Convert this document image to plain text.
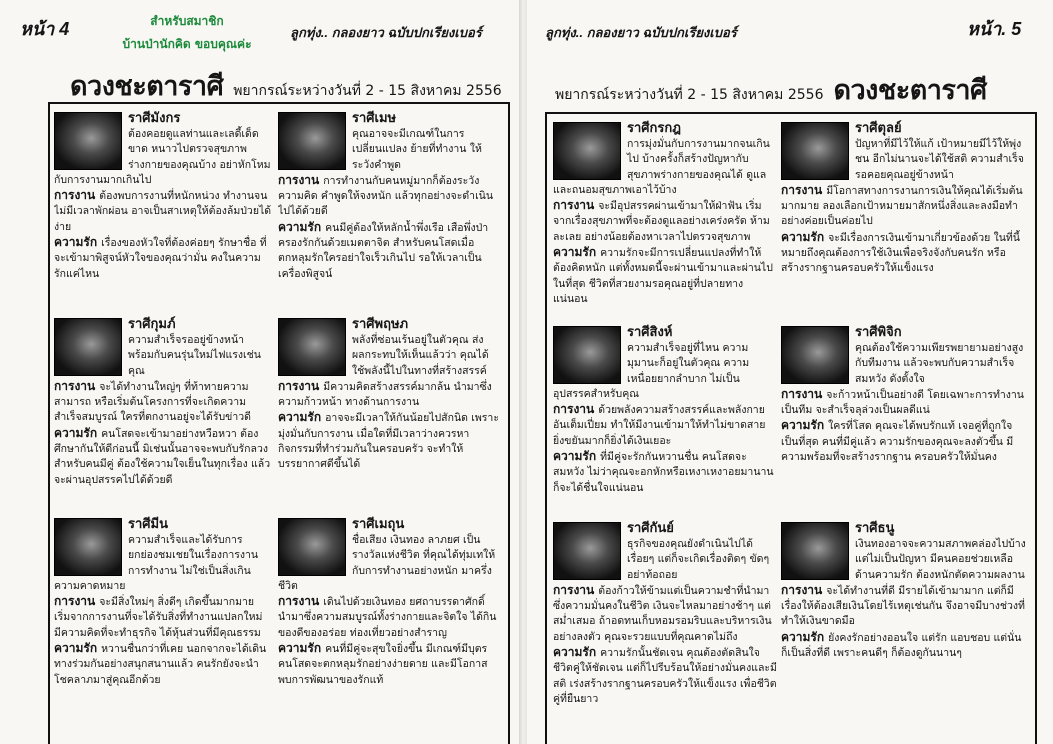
หน้า 4	สำหรับสมาชิก
บ้านป่านักคิด ขอบคุณค่ะ
ลูกทุ่ง.. กลองยาว ฉบับปกเรียงเบอร์
ดวงชะตาราศี พยากรณ์ระหว่างวันที่ 2 - 15 สิงหาคม 2556
ราศีมังกร

ต้องคอยดูแลท่านและเลดี้เด็ดขาด หนาวไปตรวจสุขภาพร่างกายของคุณบ้าง อย่าหักโหมกับการงานมากเกินไป

การงาน ต้องพบการงานที่หนักหน่วง ทำงานจนไม่มีเวลาพักผ่อน อาจเป็นสาเหตุให้ต้องล้มป่วยได้ง่าย

ความรัก เรื่องของหัวใจที่ต้องค่อยๆ รักษาชื่อ ที่จะเข้ามาพิสูจน์หัวใจของคุณว่ามั่น คงในความรักแค่ไหน

ราศีเมษ

คุณอาจจะมีเกณฑ์ในการเปลี่ยนแปลง ย้ายที่ทำงาน ให้ระวังคำพูด

การงาน การทำงานกับคนหมู่มากก็ต้องระวังความคิด คำพูดให้จงหนัก แล้วทุกอย่างจะดำเนินไปได้ด้วยดี

ความรัก คนมีคู่ต้องให้หลักน้ำพึ่งเรือ เสือพึ่งป่า ครองรักกันด้วยเมตตาจิต สำหรับคนโสดเมื่อตกหลุมรักใครอย่าใจเร็วเกินไป รอให้เวลาเป็นเครื่องพิสูจน์

ราศีกุมภ์

ความสำเร็จรออยู่ข้างหน้า พร้อมกับคนรุ่นใหม่ไฟแรงเช่นคุณ

การงาน จะได้ทำงานใหญ่ๆ ที่ท้าทายความสามารถ หรือเริ่มต้นโครงการที่จะเกิดความสำเร็จสมบูรณ์ ใครที่ตกงานอยู่จะได้รับข่าวดี

ความรัก คนโสดจะเข้ามาอย่างหวือหวา ต้องศึกษากันให้ดีก่อนนี้ มิเช่นนั้นอาจจะพบกับรักลวง สำหรับคนมีคู่ ต้องใช้ความใจเย็นในทุกเรื่อง แล้วจะผ่านอุปสรรคไปได้ด้วยดี

ราศีพฤษภ

พลังที่ซ่อนเร้นอยู่ในตัวคุณ ส่งผลกระทบให้เห็นแล้วว่า คุณได้ใช้พลังนี้ไปในทางที่สร้างสรรค์

การงาน มีความคิดสร้างสรรค์มากล้น นำมาซึ่งความก้าวหน้า ทางด้านการงาน

ความรัก อาจจะมีเวลาให้กันน้อยไปสักนิด เพราะมุ่งมั่นกับการงาน เมื่อใดที่มีเวลาว่างควรหากิจกรรมที่ทำร่วมกันในครอบครัว จะทำให้บรรยากาศดีขึ้นได้

ราศีมีน

ความสำเร็จและได้รับการยกย่องชมเชยในเรื่องการงาน การทำงาน ไม่ใช่เป็นสิ่งเกินความคาดหมาย

การงาน จะมีสิ่งใหม่ๆ สิ่งดีๆ เกิดขึ้นมากมาย เริ่มจากการงานที่จะได้รับสิ่งที่ทำงานแปลกใหม่ มีความคิดที่จะทำธุรกิจ ได้หุ้นส่วนที่มีคุณธรรม

ความรัก หวานชื่นกว่าที่เคย นอกจากจะได้เดินทางร่วมกันอย่างสนุกสนานแล้ว คนรักยังจะนำโชคลาภมาสู่คุณอีกด้วย

ราศีเมถุน

ชื่อเสียง เงินทอง ลาภยศ เป็นรางวัลแห่งชีวิต ที่คุณได้ทุ่มเทให้กับการทำงานอย่างหนัก มาครึ่งชีวิต

การงาน เดินไปด้วยเงินทอง ยศถาบรรดาศักดิ์ นำมาซึ่งความสมบูรณ์ทั้งร่างกายและจิตใจ ได้กินของดีของอร่อย ท่องเที่ยวอย่างสำราญ

ความรัก คนที่มีคู่จะสุขใจยิ่งขึ้น มีเกณฑ์มีบุตร คนโสดจะตกหลุมรักอย่างง่ายดาย และมีโอกาสพบการพัฒนาของรักแท้

ลูกทุ่ง.. กลองยาว ฉบับปกเรียงเบอร์	หน้า. 5
พยากรณ์ระหว่างวันที่ 2 - 15 สิงหาคม 2556 ดวงชะตาราศี
ราศีกรกฎ

การมุ่งมั่นกับการงานมากจนเกินไป บ้างครั้งก็สร้างปัญหากับสุขภาพร่างกายของคุณได้ ดูแลและถนอมสุขภาพเอาไว้บ้าง

การงาน จะมีอุปสรรคผ่านเข้ามาให้ฝ่าฟัน เริ่มจากเรื่องสุขภาพที่จะต้องดูแลอย่างเคร่งครัด ห้ามละเลย อย่างน้อยต้องหาเวลาไปตรวจสุขภาพ

ความรัก ความรักจะมีการเปลี่ยนแปลงที่ทำให้ต้องคิดหนัก แต่ทั้งหมดนี้จะผ่านเข้ามาและผ่านไป ในที่สุด ชีวิตที่สวยงามรอคุณอยู่ที่ปลายทางแน่นอน

ราศีตุลย์

ปัญหาที่มีไว้ให้แก้ เป้าหมายมีไว้ให้พุ่งชน อีกไม่นานจะได้ใช้สติ ความสำเร็จรอคอยคุณอยู่ข้างหน้า

การงาน มีโอกาสทางการงานการเงินให้คุณได้เริ่มต้นมากมาย ลองเลือกเป้าหมายมาสักหนึ่งสิ่งและลงมือทำอย่างค่อยเป็นค่อยไป

ความรัก จะมีเรื่องการเงินเข้ามาเกี่ยวข้องด้วย ในที่นี้หมายถึงคุณต้องการใช้เงินเพื่อจริงจังกับคนรัก หรือสร้างรากฐานครอบครัวให้แข็งแรง

ราศีสิงห์

ความสำเร็จอยู่ที่ไหน ความมุมานะก็อยู่ในตัวคุณ ความเหนื่อยยากลำบาก ไม่เป็นอุปสรรคสำหรับคุณ

การงาน ด้วยพลังความสร้างสรรค์และพลังกายอันเต็มเปี่ยม ทำให้มีงานเข้ามาให้ทำไม่ขาดสาย ยิ่งขยันมากก็ยิ่งได้เงินเยอะ

ความรัก ที่มีคู่จะรักกันหวานชื่น คนโสดจะสมหวัง ไม่ว่าคุณจะอกหักหรือเหงาเหงาอยมานาน ก็จะได้ชื่นใจแน่นอน

ราศีพิจิก

คุณต้องใช้ความเพียรพยายามอย่างสูงกับทีมงาน แล้วจะพบกับความสำเร็จสมหวัง ดังตั้งใจ

การงาน จะก้าวหน้าเป็นอย่างดี โดยเฉพาะการทำงานเป็นทีม จะสำเร็จลุล่วงเป็นผลดีแน่

ความรัก ใครที่โสด คุณจะได้พบรักแท้ เจอคู่ที่ถูกใจเป็นที่สุด คนที่มีคู่แล้ว ความรักของคุณจะลงตัวขึ้น มีความพร้อมที่จะสร้างรากฐาน ครอบครัวให้มั่นคง

ราศีกันย์

ธุรกิจของคุณยังดำเนินไปได้เรื่อยๆ แต่ก็จะเกิดเรื่องติดๆ ขัดๆ อย่าท้อถอย

การงาน ต้องก้าวให้ข้ามแต่เป็นความชำที่นำมาซึ่งความมั่นคงในชีวิต เงินจะไหลมาอย่างช้าๆ แต่สม่ำเสมอ ถ้าอดทนเก็บหอมรอมริบและบริหารเงินอย่างลงตัว คุณจะรวยแบบที่คุณคาดไม่ถึง

ความรัก ความรักนั้นชัดเจน คุณต้องตัดสินใจชีวิตคู่ให้ชัดเจน แต่ก็ไปรีบร้อนให้อย่างมั่นคงและมีสติ เร่งสร้างรากฐานครอบครัวให้แข็งแรง เพื่อชีวิตคู่ที่ยืนยาว

ราศีธนู

เงินทองอาจจะความสภาพคล่องไปบ้าง แต่ไม่เป็นปัญหา มีคนคอยช่วยเหลือ ด้านความรัก ต้องหนักตัดความผลงาน

การงาน จะได้ทำงานที่ดี มีรายได้เข้ามามาก แต่ก็มีเรื่องให้ต้องเสียเงินโดยไร้เหตุเช่นกัน จึงอาจมีบางช่วงที่ทำให้เงินขาดมือ

ความรัก ยังคงรักอย่างออนใจ แต่รัก แอบชอบ แต่นั่นก็เป็นสิ่งที่ดี เพราะคนดีๆ ก็ต้องดูกันนานๆ
